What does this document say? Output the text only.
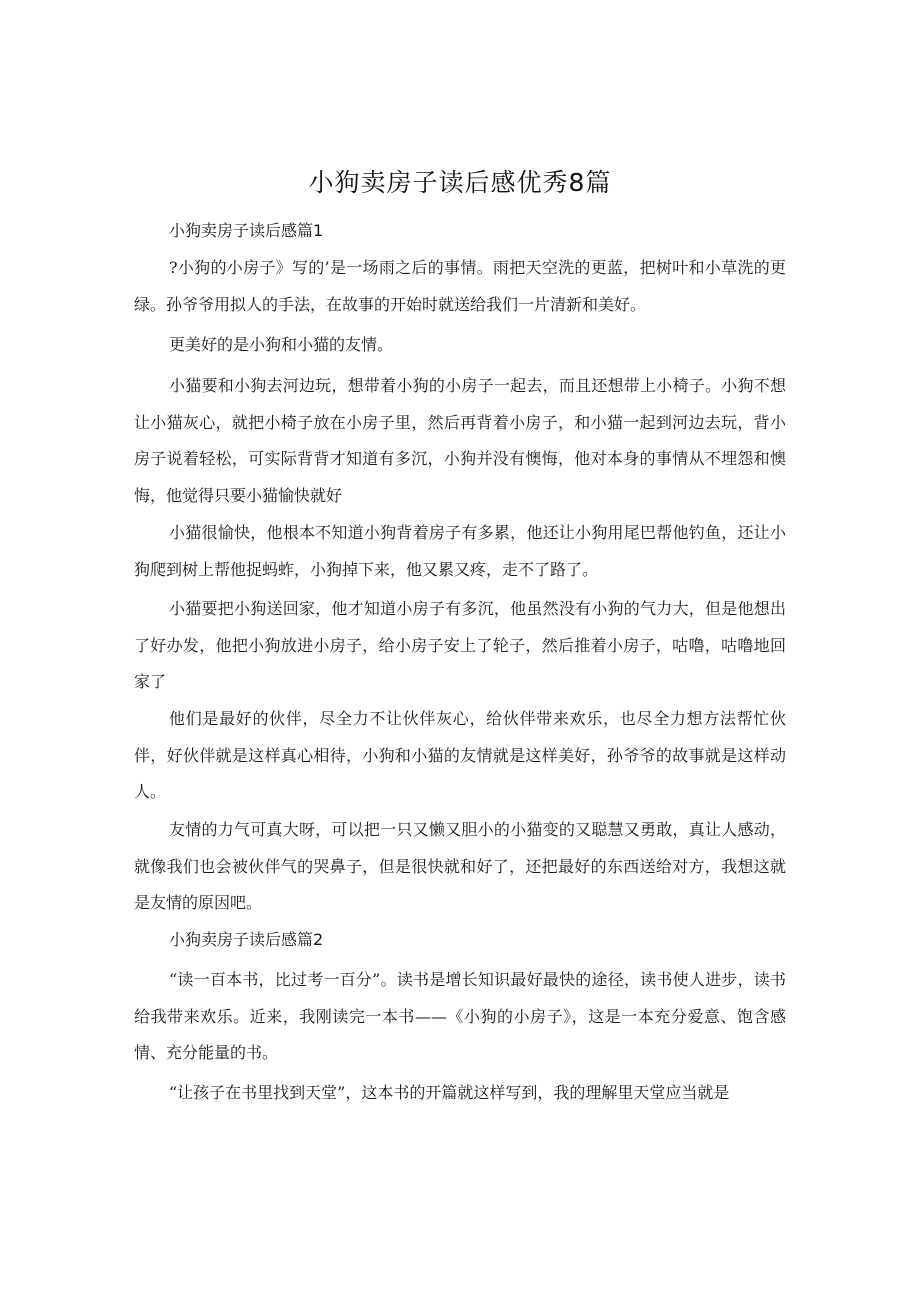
小狗卖房子读后感优秀8篇
小狗卖房子读后感篇1

?小狗的小房子》写的’是一场雨之后的事情。雨把天空洗的更蓝，把树叶和小草洗的更绿。孙爷爷用拟人的手法，在故事的开始时就送给我们一片清新和美好。

更美好的是小狗和小猫的友情。

小猫要和小狗去河边玩，想带着小狗的小房子一起去，而且还想带上小椅子。小狗不想让小猫灰心，就把小椅子放在小房子里，然后再背着小房子，和小猫一起到河边去玩，背小房子说着轻松，可实际背背才知道有多沉，小狗并没有懊悔，他对本身的事情从不埋怨和懊悔，他觉得只要小猫愉快就好

小猫很愉快，他根本不知道小狗背着房子有多累，他还让小狗用尾巴帮他钓鱼，还让小狗爬到树上帮他捉蚂蚱，小狗掉下来，他又累又疼，走不了路了。

小猫要把小狗送回家，他才知道小房子有多沉，他虽然没有小狗的气力大，但是他想出了好办发，他把小狗放进小房子，给小房子安上了轮子，然后推着小房子，咕噜，咕噜地回家了

他们是最好的伙伴，尽全力不让伙伴灰心，给伙伴带来欢乐，也尽全力想方法帮忙伙伴，好伙伴就是这样真心相待，小狗和小猫的友情就是这样美好，孙爷爷的故事就是这样动人。

友情的力气可真大呀，可以把一只又懒又胆小的小猫变的又聪慧又勇敢，真让人感动，就像我们也会被伙伴气的哭鼻子，但是很快就和好了，还把最好的东西送给对方，我想这就是友情的原因吧。

小狗卖房子读后感篇2

“读一百本书，比过考一百分”。读书是增长知识最好最快的途径，读书使人进步，读书给我带来欢乐。近来，我刚读完一本书——《小狗的小房子》，这是一本充分爱意、饱含感情、充分能量的书。

“让孩子在书里找到天堂”，这本书的开篇就这样写到，我的理解里天堂应当就是
